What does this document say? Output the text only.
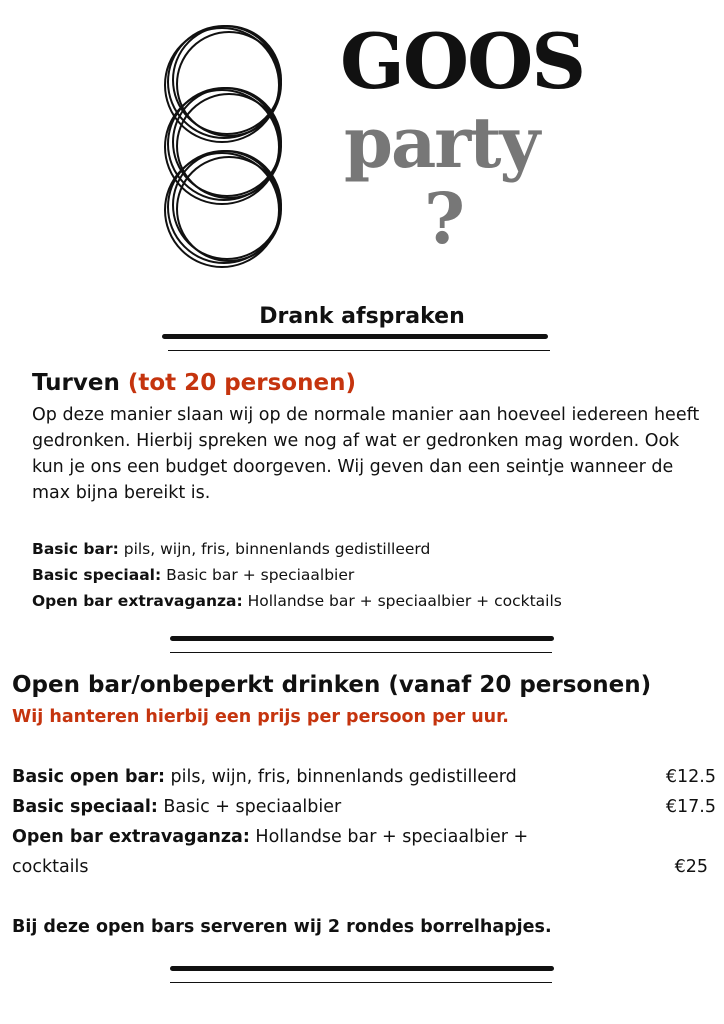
GOOS
party
?
Drank afspraken
Turven (tot 20 personen)
Op deze manier slaan wij op de normale manier aan hoeveel iedereen heeft gedronken. Hierbij spreken we nog af wat er gedronken mag worden. Ook kun je ons een budget doorgeven. Wij geven dan een seintje wanneer de max bijna bereikt is.
Basic bar: pils, wijn, fris, binnenlands gedistilleerd
Basic speciaal: Basic bar + speciaalbier
Open bar extravaganza: Hollandse bar + speciaalbier + cocktails
Open bar/onbeperkt drinken (vanaf 20 personen)
Wij hanteren hierbij een prijs per persoon per uur.
Basic open bar: pils, wijn, fris, binnenlands gedistilleerd	€12.5
Basic speciaal: Basic + speciaalbier	€17.5
Open bar extravaganza: Hollandse bar + speciaalbier +
cocktails	€25
Bij deze open bars serveren wij 2 rondes borrelhapjes.
